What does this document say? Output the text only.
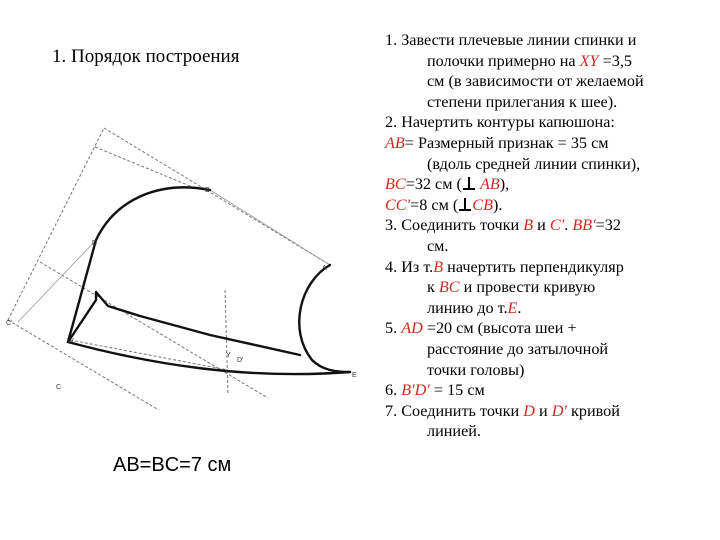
1. Порядок построения
D
A
E
W
B
C
C′
D′
Y
AB=BC=7 см
1. Завести плечевые линии спинки и
полочки примерно на XY =3,5
см (в зависимости от желаемой
степени прилегания к шее).
2. Начертить контуры капюшона:
AB= Размерный признак = 35 см
(вдоль средней линии спинки),
BC=32 см ( AB),
CC′=8 см ( CB).
3. Соединить точки B и C′. BB′=32
см.
4. Из т.B начертить перпендикуляр
к BC и провести кривую
линию до т.E.
5. AD =20 см (высота шеи +
расстояние до затылочной
точки головы)
6. B′D′ = 15 см
7. Соединить точки D и D′ кривой
линией.
